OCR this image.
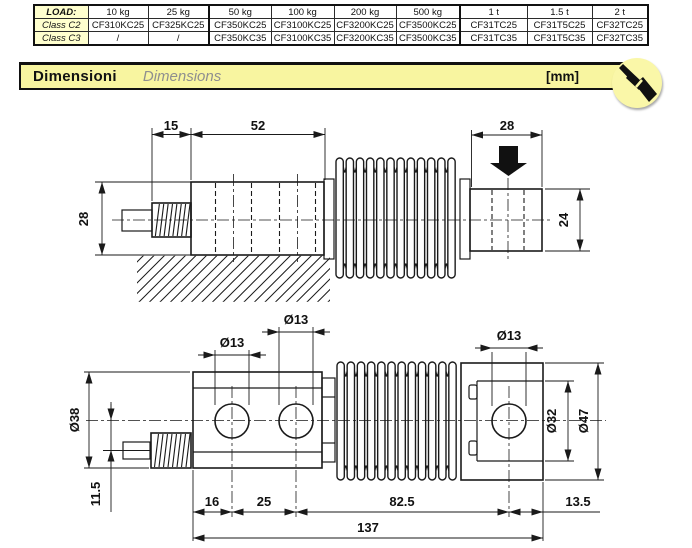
LOAD:	10 kg	25 kg	50 kg	100 kg	200 kg	500 kg	1 t	1.5 t	2 t
Class C2	CF310KC25	CF325KC25	CF350KC25	CF3100KC25	CF3200KC25	CF3500KC25	CF31TC25	CF31T5C25	CF32TC25
Class C3	/	/	CF350KC35	CF3100KC35	CF3200KC35	CF3500KC35	CF31TC35	CF31T5C35	CF32TC35
Dimensioni Dimensions	[mm]
15	52	28
28	24
Ø13
Ø13
Ø13
Ø38
11.5
Ø32 Ø47
16	25	82.5	13.5
137
